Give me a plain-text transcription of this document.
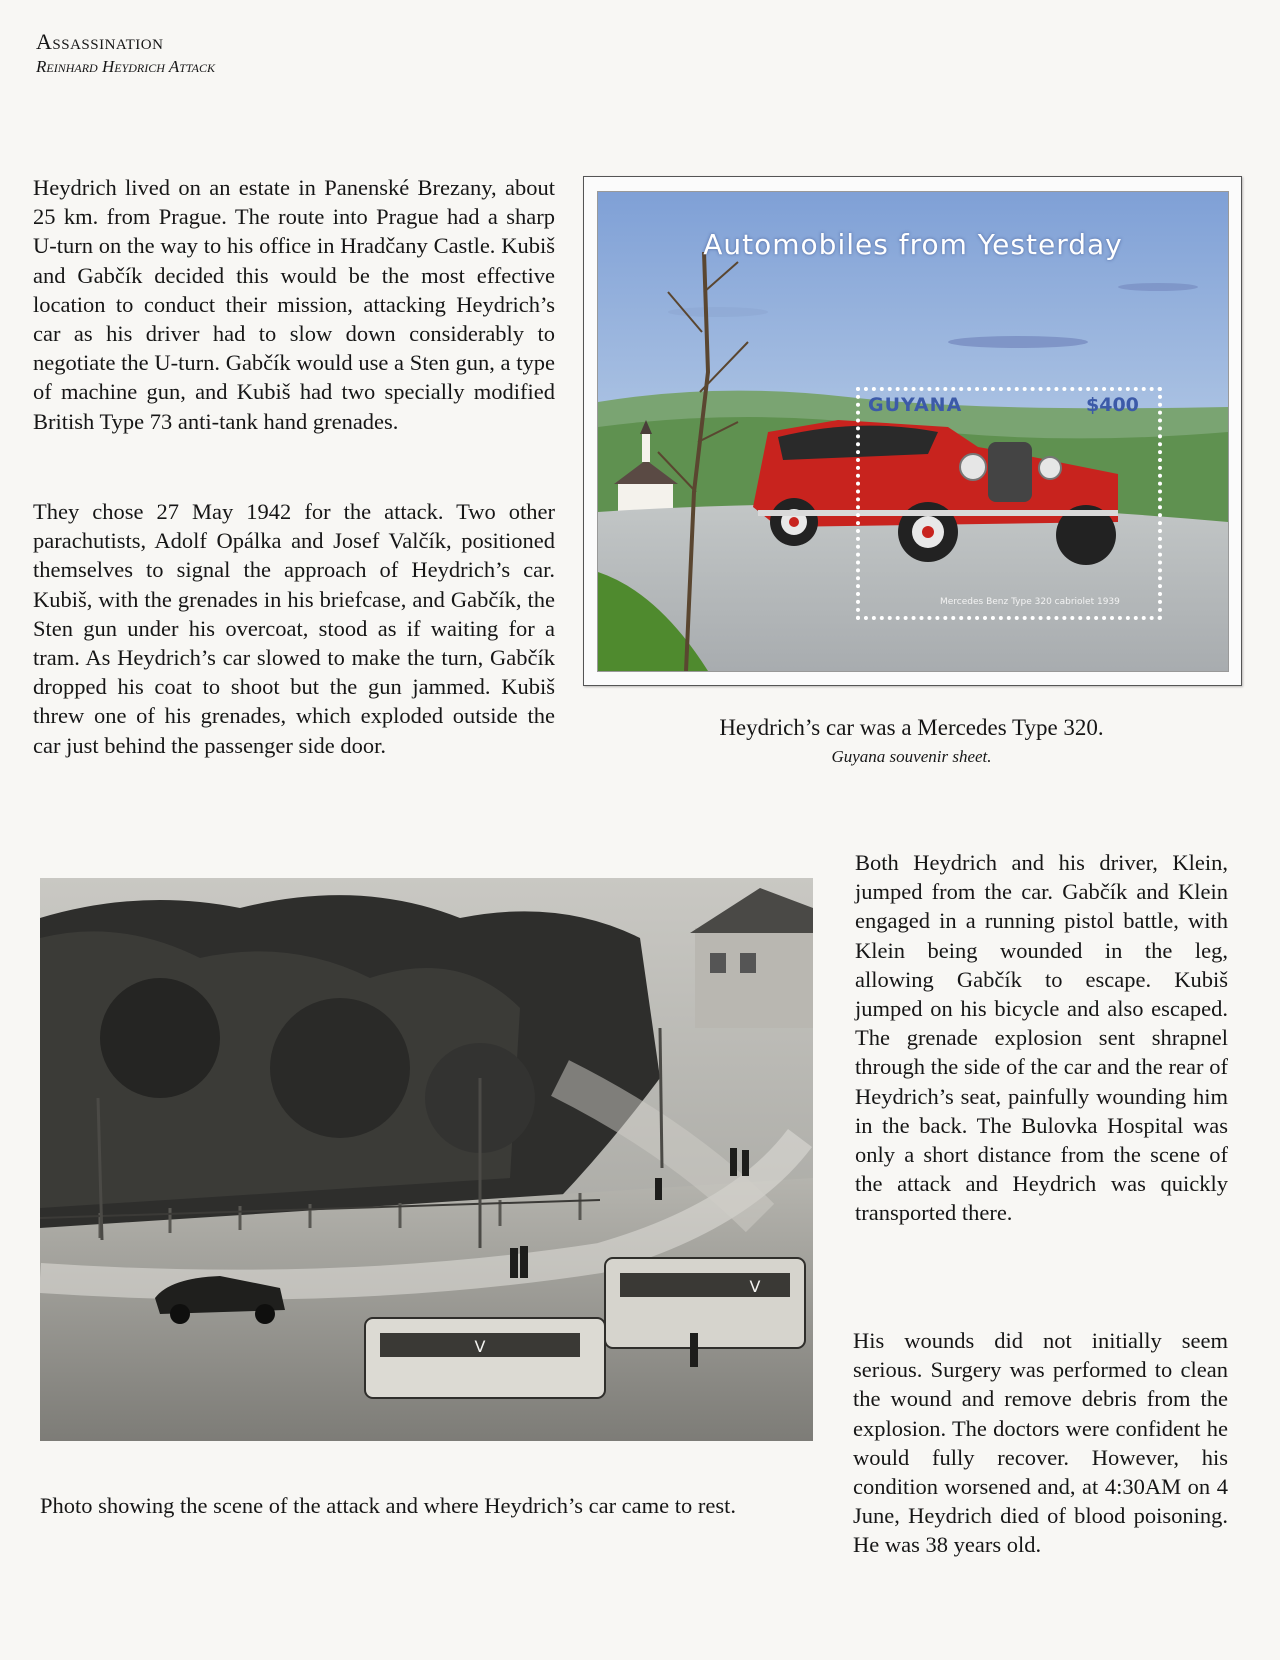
Assassination
Reinhard Heydrich Attack

Heydrich lived on an estate in Panenské Brezany, about 25 km. from Prague. The route into Prague had a sharp U-turn on the way to his office in Hradčany Castle. Kubiš and Gabčík decided this would be the most effective location to conduct their mission, attacking Heydrich’s car as his driver had to slow down considerably to negotiate the U-turn. Gabčík would use a Sten gun, a type of machine gun, and Kubiš had two specially modified British Type 73 anti-tank hand grenades.

They chose 27 May 1942 for the attack. Two other parachutists, Adolf Opálka and Josef Valčík, positioned themselves to signal the approach of Heydrich’s car. Kubiš, with the grenades in his briefcase, and Gabčík, the Sten gun under his overcoat, stood as if waiting for a tram. As Heydrich’s car slowed to make the turn, Gabčík dropped his coat to shoot but the gun jammed. Kubiš threw one of his grenades, which exploded outside the car just behind the passenger side door.

Automobiles from Yesterday
GUYANA	$400
Mercedes Benz Type 320 cabriolet 1939
Heydrich’s car was a Mercedes Type 320.
Guyana souvenir sheet.

Both Heydrich and his driver, Klein, jumped from the car. Gabčík and Klein engaged in a running pistol battle, with Klein being wounded in the leg, allowing Gabčík to escape. Kubiš jumped on his bicycle and also escaped. The grenade explosion sent shrapnel through the side of the car and the rear of Heydrich’s seat, painfully wounding him in the back. The Bulovka Hospital was only a short distance from the scene of the attack and Heydrich was quickly transported there.

V
V
Photo showing the scene of the attack and where Heydrich’s car came to rest.

His wounds did not initially seem serious. Surgery was performed to clean the wound and remove debris from the explosion. The doctors were confident he would fully recover. However, his condition worsened and, at 4:30AM on 4 June, Heydrich died of blood poisoning. He was 38 years old.
